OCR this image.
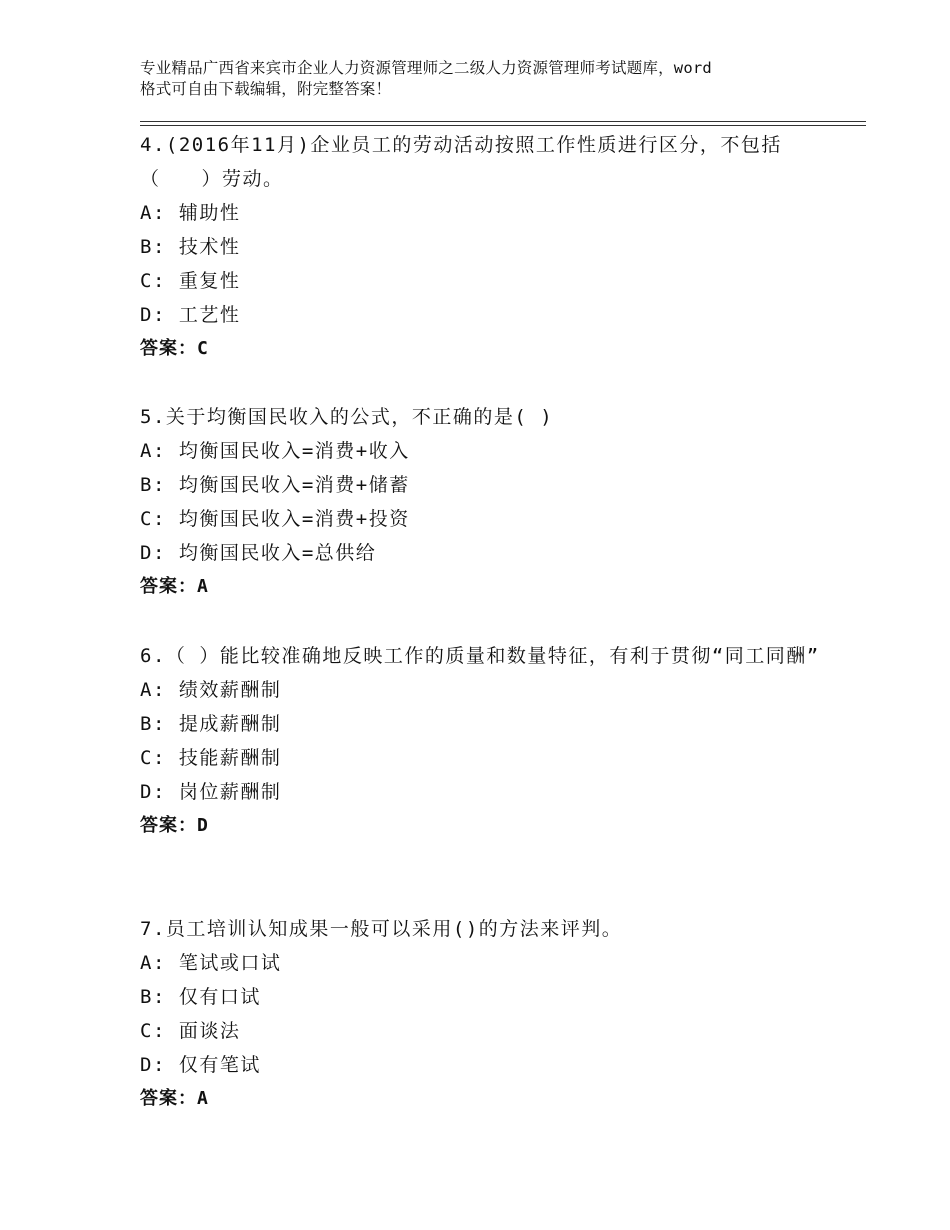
专业精品广西省来宾市企业人力资源管理师之二级人力资源管理师考试题库，word
格式可自由下载编辑，附完整答案！
4.(2016年11月)企业员工的劳动活动按照工作性质进行区分，不包括（　　）劳动。
A: 辅助性
B: 技术性
C: 重复性
D: 工艺性
答案：C
5.关于均衡国民收入的公式，不正确的是( )
A: 均衡国民收入=消费+收入
B: 均衡国民收入=消费+储蓄
C: 均衡国民收入=消费+投资
D: 均衡国民收入=总供给
答案：A
6.（ ）能比较准确地反映工作的质量和数量特征，有利于贯彻“同工同酬”
A: 绩效薪酬制
B: 提成薪酬制
C: 技能薪酬制
D: 岗位薪酬制
答案：D
7.员工培训认知成果一般可以采用()的方法来评判。
A: 笔试或口试
B: 仅有口试
C: 面谈法
D: 仅有笔试
答案：A
